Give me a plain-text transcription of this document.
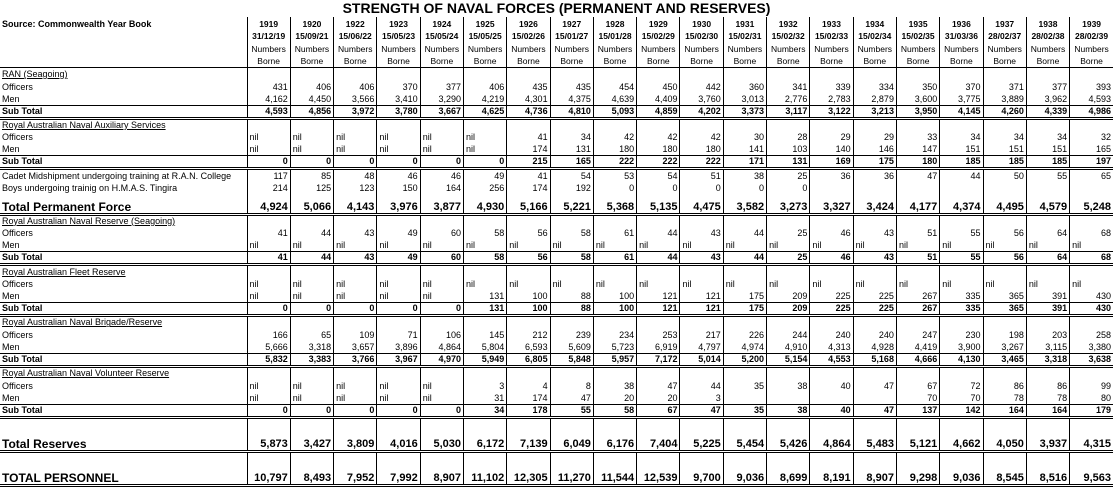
STRENGTH OF NAVAL FORCES (PERMANENT AND RESERVES)
Source: Commonwealth Year Book	1919	1920	1922	1923	1924	1925	1926	1927	1928	1929	1930	1931	1932	1933	1934	1935	1936	1937	1938	1939
	31/12/19	15/09/21	15/06/22	15/05/23	15/05/24	15/05/25	15/02/26	15/01/27	15/01/28	15/02/29	15/02/30	15/02/31	15/02/32	15/02/33	15/02/34	15/02/35	31/03/36	28/02/37	28/02/38	28/02/39
	Numbers	Numbers	Numbers	Numbers	Numbers	Numbers	Numbers	Numbers	Numbers	Numbers	Numbers	Numbers	Numbers	Numbers	Numbers	Numbers	Numbers	Numbers	Numbers	Numbers
	Borne	Borne	Borne	Borne	Borne	Borne	Borne	Borne	Borne	Borne	Borne	Borne	Borne	Borne	Borne	Borne	Borne	Borne	Borne	Borne
RAN (Seagoing)																				
Officers	431	406	406	370	377	406	435	435	454	450	442	360	341	339	334	350	370	371	377	393
Men	4,162	4,450	3,566	3,410	3,290	4,219	4,301	4,375	4,639	4,409	3,760	3,013	2,776	2,783	2,879	3,600	3,775	3,889	3,962	4,593
Sub Total	4,593	4,856	3,972	3,780	3,667	4,625	4,736	4,810	5,093	4,859	4,202	3,373	3,117	3,122	3,213	3,950	4,145	4,260	4,339	4,986
Royal Australian Naval Auxiliary Services																				
Officers	nil	nil	nil	nil	nil	nil	41	34	42	42	42	30	28	29	29	33	34	34	34	32
Men	nil	nil	nil	nil	nil	nil	174	131	180	180	180	141	103	140	146	147	151	151	151	165
Sub Total	0	0	0	0	0	0	215	165	222	222	222	171	131	169	175	180	185	185	185	197
Cadet Midshipment undergoing training at R.A.N. College	117	85	48	46	46	49	41	54	53	54	51	38	25	36	36	47	44	50	55	65
Boys undergoing trainig on H.M.A.S. Tingira	214	125	123	150	164	256	174	192	0	0	0	0	0							
Total Permanent Force	4,924	5,066	4,143	3,976	3,877	4,930	5,166	5,221	5,368	5,135	4,475	3,582	3,273	3,327	3,424	4,177	4,374	4,495	4,579	5,248
Royal Australian Naval Reserve (Seagoing)																				
Officers	41	44	43	49	60	58	56	58	61	44	43	44	25	46	43	51	55	56	64	68
Men	nil	nil	nil	nil	nil	nil	nil	nil	nil	nil	nil	nil	nil	nil	nil	nil	nil	nil	nil	nil
Sub Total	41	44	43	49	60	58	56	58	61	44	43	44	25	46	43	51	55	56	64	68
Royal Australian Fleet Reserve																				
Officers	nil	nil	nil	nil	nil	nil	nil	nil	nil	nil	nil	nil	nil	nil	nil	nil	nil	nil	nil	nil
Men	nil	nil	nil	nil	nil	131	100	88	100	121	121	175	209	225	225	267	335	365	391	430
Sub Total	0	0	0	0	0	131	100	88	100	121	121	175	209	225	225	267	335	365	391	430
Royal Australian Naval Brigade/Reserve																				
Officers	166	65	109	71	106	145	212	239	234	253	217	226	244	240	240	247	230	198	203	258
Men	5,666	3,318	3,657	3,896	4,864	5,804	6,593	5,609	5,723	6,919	4,797	4,974	4,910	4,313	4,928	4,419	3,900	3,267	3,115	3,380
Sub Total	5,832	3,383	3,766	3,967	4,970	5,949	6,805	5,848	5,957	7,172	5,014	5,200	5,154	4,553	5,168	4,666	4,130	3,465	3,318	3,638
Royal Australian Naval Volunteer Reserve																				
Officers	nil	nil	nil	nil	nil	3	4	8	38	47	44	35	38	40	47	67	72	86	86	99
Men	nil	nil	nil	nil	nil	31	174	47	20	20	3					70	70	78	78	80
Sub Total	0	0	0	0	0	34	178	55	58	67	47	35	38	40	47	137	142	164	164	179

Total Reserves	5,873	3,427	3,809	4,016	5,030	6,172	7,139	6,049	6,176	7,404	5,225	5,454	5,426	4,864	5,483	5,121	4,662	4,050	3,937	4,315

TOTAL PERSONNEL	10,797	8,493	7,952	7,992	8,907	11,102	12,305	11,270	11,544	12,539	9,700	9,036	8,699	8,191	8,907	9,298	9,036	8,545	8,516	9,563
